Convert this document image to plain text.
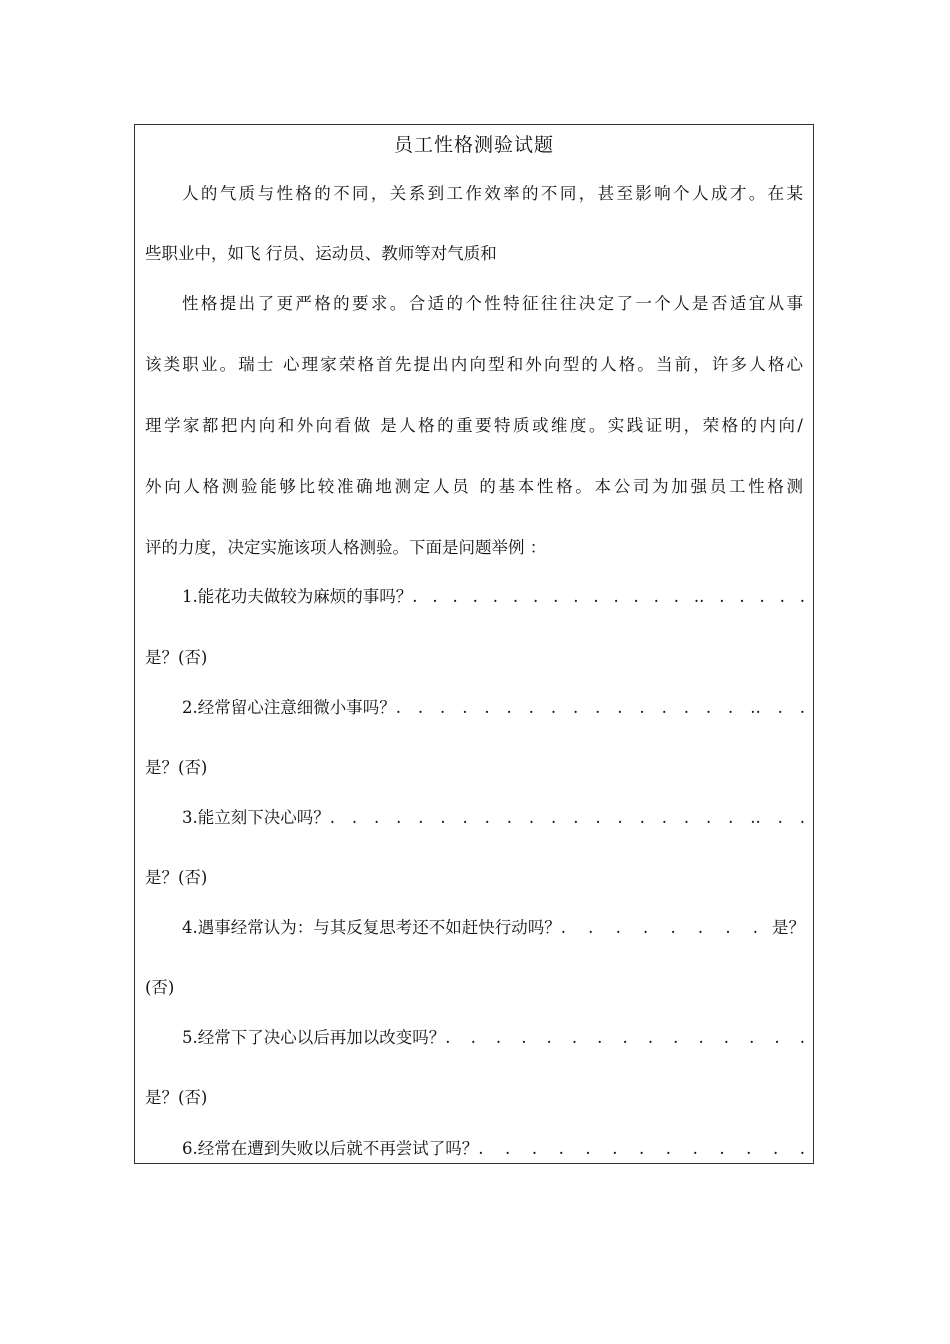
员工性格测验试题
人的气质与性格的不同，关系到工作效率的不同，甚至影响个人成才。在某
些职业中，如飞 行员、运动员、教师等对气质和
性格提出了更严格的要求。合适的个性特征往往决定了一个人是否适宜从事
该类职业。瑞士 心理家荣格首先提出内向型和外向型的人格。当前，许多人格心
理学家都把内向和外向看做 是人格的重要特质或维度。实践证明，荣格的内向/
外向人格测验能够比较准确地测定人员 的基本性格。本公司为加强员工性格测
评的力度，决定实施该项人格测验。下面是问题举例 ：
1.能花功夫做较为麻烦的事吗？ . . . . . . . . . . . . . . .. . . . . .
是？(否)
2.经常留心注意细微小事吗？ . . . . . . . . . . . . . . . . .. . .
是？(否)
3.能立刻下决心吗？ . . . . . . . . . . . . . . . . . . . .. . .
是？(否)
4.遇事经常认为：与其反复思考还不如赶快行动吗？ . . . . . . . . 是？
(否)
5.经常下了决心以后再加以改变吗？ . . . . . . . . . . . . . . .
是？(否)
6.经常在遭到失败以后就不再尝试了吗？ . . . . . . . . . . . . .
